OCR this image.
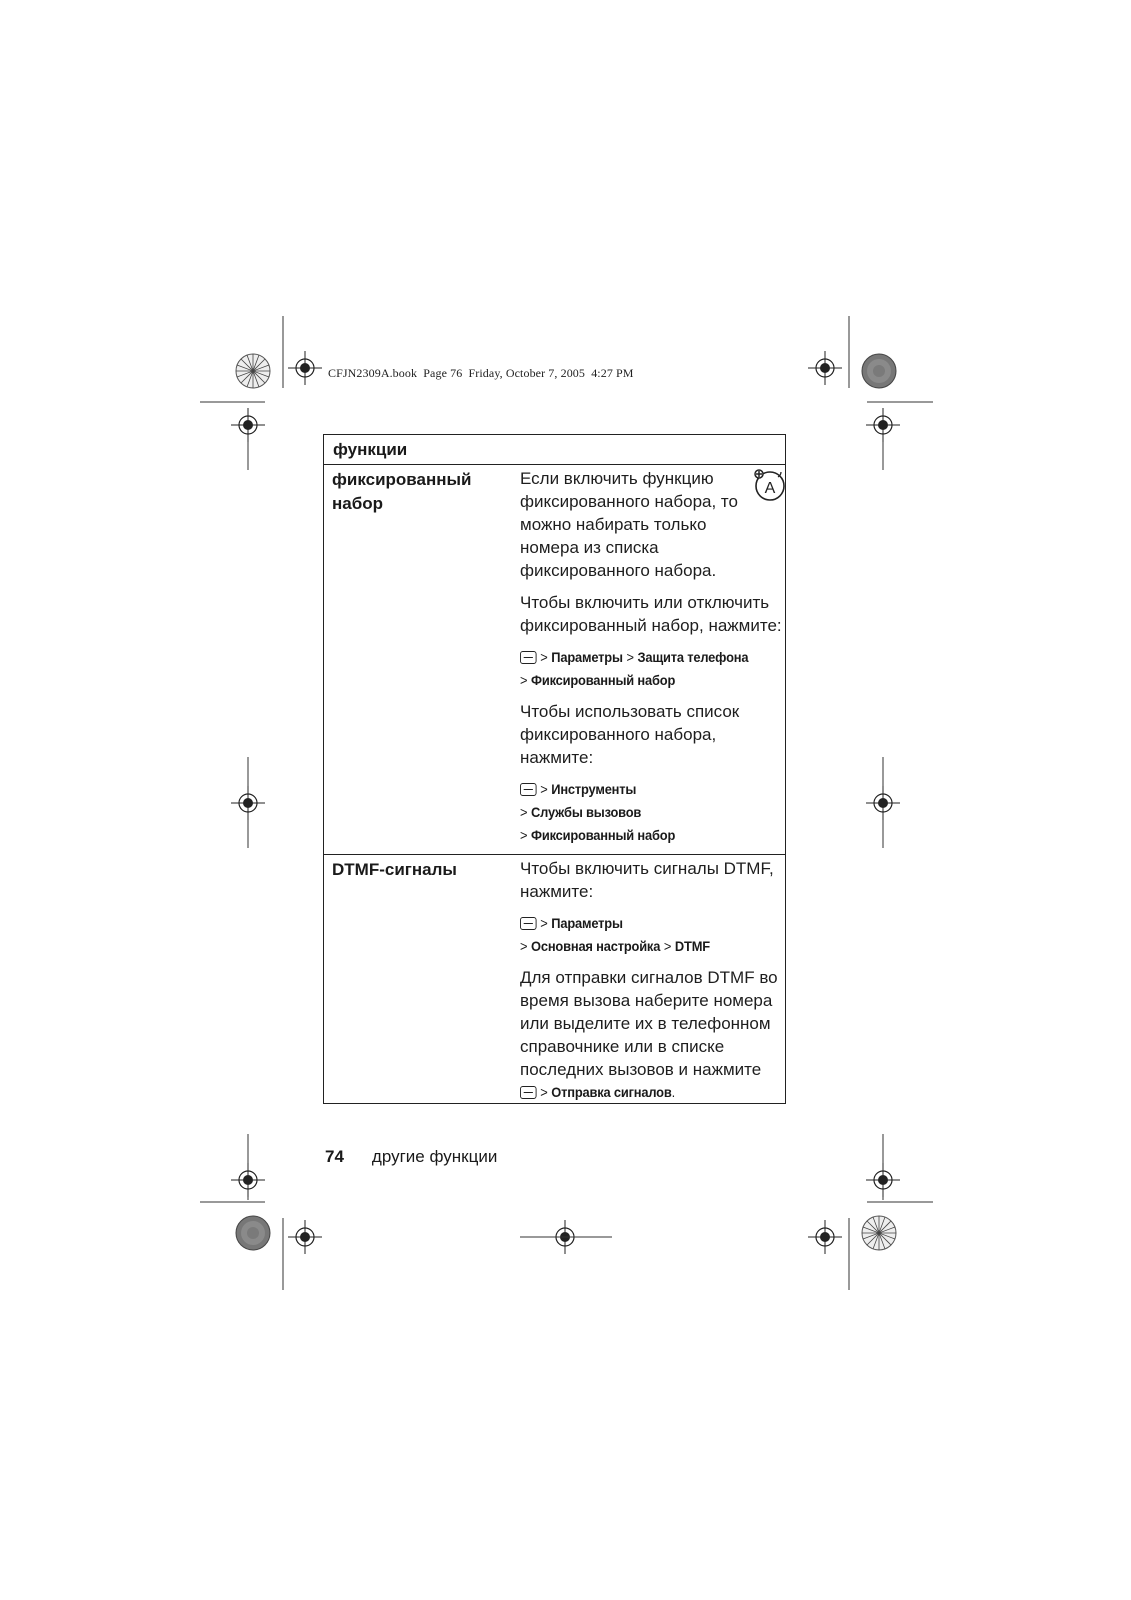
CFJN2309A.book  Page 76  Friday, October 7, 2005  4:27 PM
функции
фиксированный набор
A

Если включить функцию фиксированного набора, то можно набирать только номера из списка фиксированного набора.

Чтобы включить или отключить фиксированный набор, нажмите:

> Параметры > Защита телефона
> Фиксированный набор

Чтобы использовать список фиксированного набора, нажмите:

> Инструменты
> Службы вызовов
> Фиксированный набор
DTMF-сигналы	Чтобы включить сигналы DTMF, нажмите:

> Параметры
> Основная настройка > DTMF

Для отправки сигналов DTMF во время вызова наберите номера или выделите их в телефонном справочнике или в списке последних вызовов и нажмите

> Отправка сигналов.
74 другие функции
